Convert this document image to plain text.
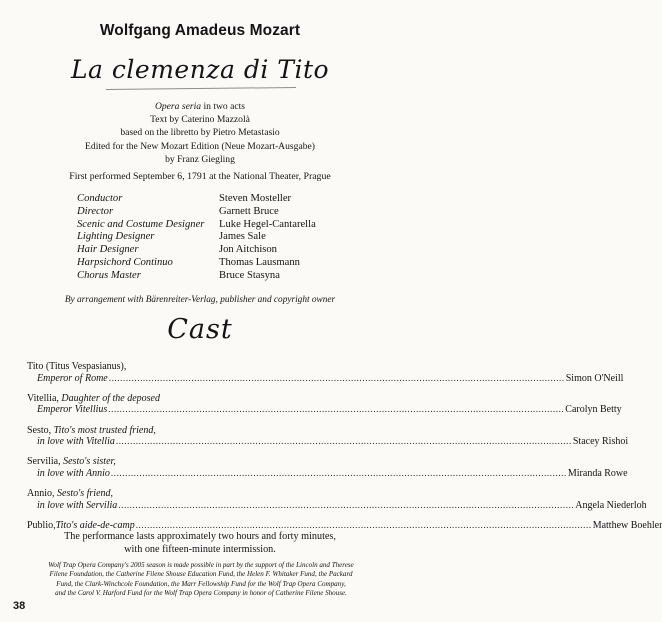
Wolfgang Amadeus Mozart
La clemenza di Tito
Opera seria in two acts
Text by Caterino Mazzolà
based on the libretto by Pietro Metastasio
Edited for the New Mozart Edition (Neue Mozart-Ausgabe)
by Franz Giegling
First performed September 6, 1791 at the National Theater, Prague
Conductor	Steven Mosteller
Director	Garnett Bruce
Scenic and Costume Designer	Luke Hegel-Cantarella
Lighting Designer	James Sale
Hair Designer	Jon Aitchison
Harpsichord Continuo	Thomas Lausmann
Chorus Master	Bruce Stasyna
By arrangement with Bärenreiter-Verlag, publisher and copyright owner
Cast
Tito (Titus Vespasianus),
Emperor of Rome ................................................................................................................................................................ Simon O'Neill
Vitellia, Daughter of the deposed
Emperor Vitellius ................................................................................................................................................................ Carolyn Betty
Sesto, Tito's most trusted friend,
in love with Vitellia ................................................................................................................................................................ Stacey Rishoi
Servilia, Sesto's sister,
in love with Annio ................................................................................................................................................................ Miranda Rowe
Annio, Sesto's friend,
in love with Servilia ................................................................................................................................................................ Angela Niederloh
Publio, Tito's aide-de-camp ................................................................................................................................................................ Matthew Boehler
The performance lasts approximately two hours and forty minutes,
with one fifteen-minute intermission.
Wolf Trap Opera Company's 2005 season is made possible in part by the support of the Lincoln and Therese
Filene Foundation, the Catherine Filene Shouse Education Fund, the Helen F. Whitaker Fund, the Packard
Fund, the Clark-Winchcole Foundation, the Marr Fellowship Fund for the Wolf Trap Opera Company,
and the Carol V. Harford Fund for the Wolf Trap Opera Company in honor of Catherine Filene Shouse.
38
